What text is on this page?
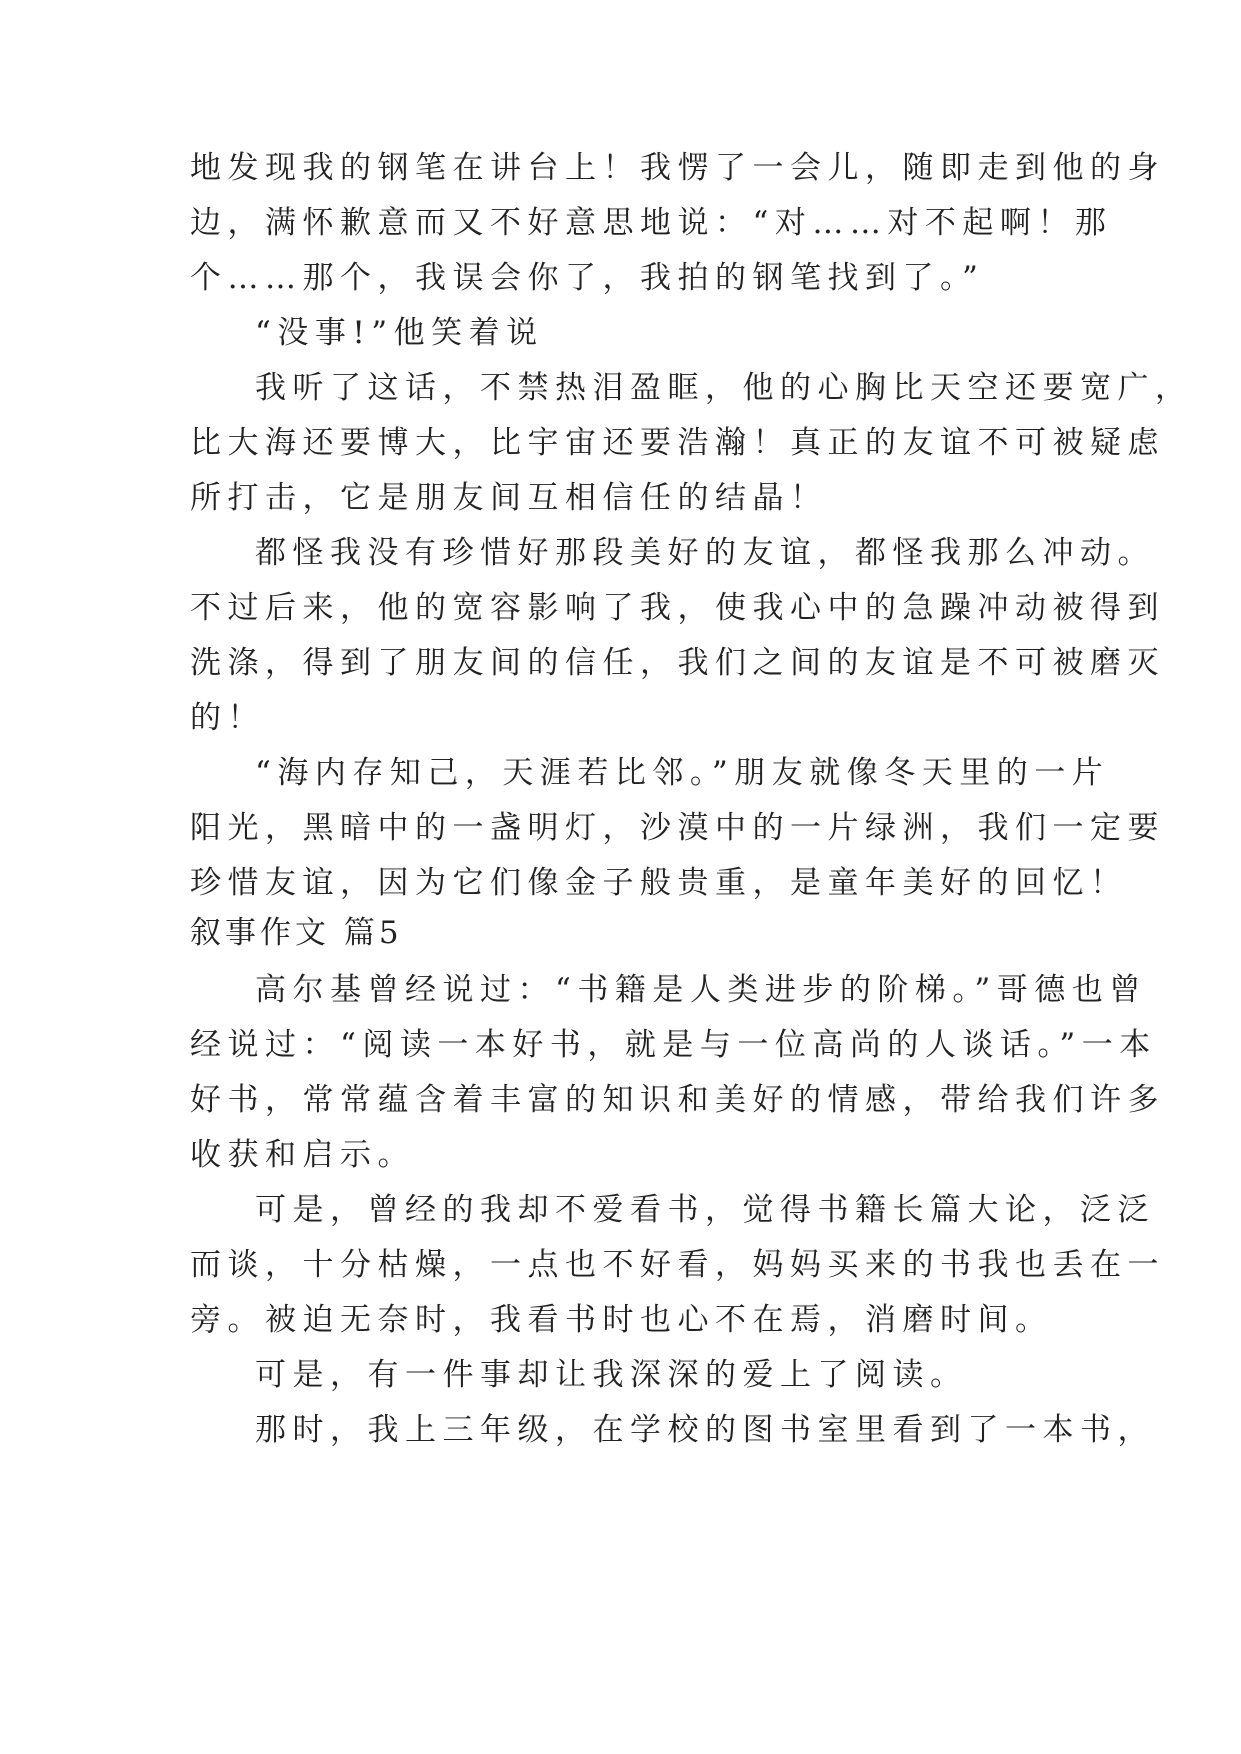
地发现我的钢笔在讲台上！我愣了一会儿，随即走到他的身
边，满怀歉意而又不好意思地说：“对……对不起啊！那
个……那个，我误会你了，我拍的钢笔找到了。”
“没事!”他笑着说
我听了这话，不禁热泪盈眶，他的心胸比天空还要宽广，
比大海还要博大，比宇宙还要浩瀚！真正的友谊不可被疑虑
所打击，它是朋友间互相信任的结晶！
都怪我没有珍惜好那段美好的友谊，都怪我那么冲动。
不过后来，他的宽容影响了我，使我心中的急躁冲动被得到
洗涤，得到了朋友间的信任，我们之间的友谊是不可被磨灭
的！
“海内存知己，天涯若比邻。”朋友就像冬天里的一片
阳光，黑暗中的一盏明灯，沙漠中的一片绿洲，我们一定要
珍惜友谊，因为它们像金子般贵重，是童年美好的回忆！
叙事作文 篇5
高尔基曾经说过：“书籍是人类进步的阶梯。”哥德也曾
经说过：“阅读一本好书，就是与一位高尚的人谈话。”一本
好书，常常蕴含着丰富的知识和美好的情感，带给我们许多
收获和启示。
可是，曾经的我却不爱看书，觉得书籍长篇大论，泛泛
而谈，十分枯燥，一点也不好看，妈妈买来的书我也丢在一
旁。被迫无奈时，我看书时也心不在焉，消磨时间。
可是，有一件事却让我深深的爱上了阅读。
那时，我上三年级，在学校的图书室里看到了一本书，
